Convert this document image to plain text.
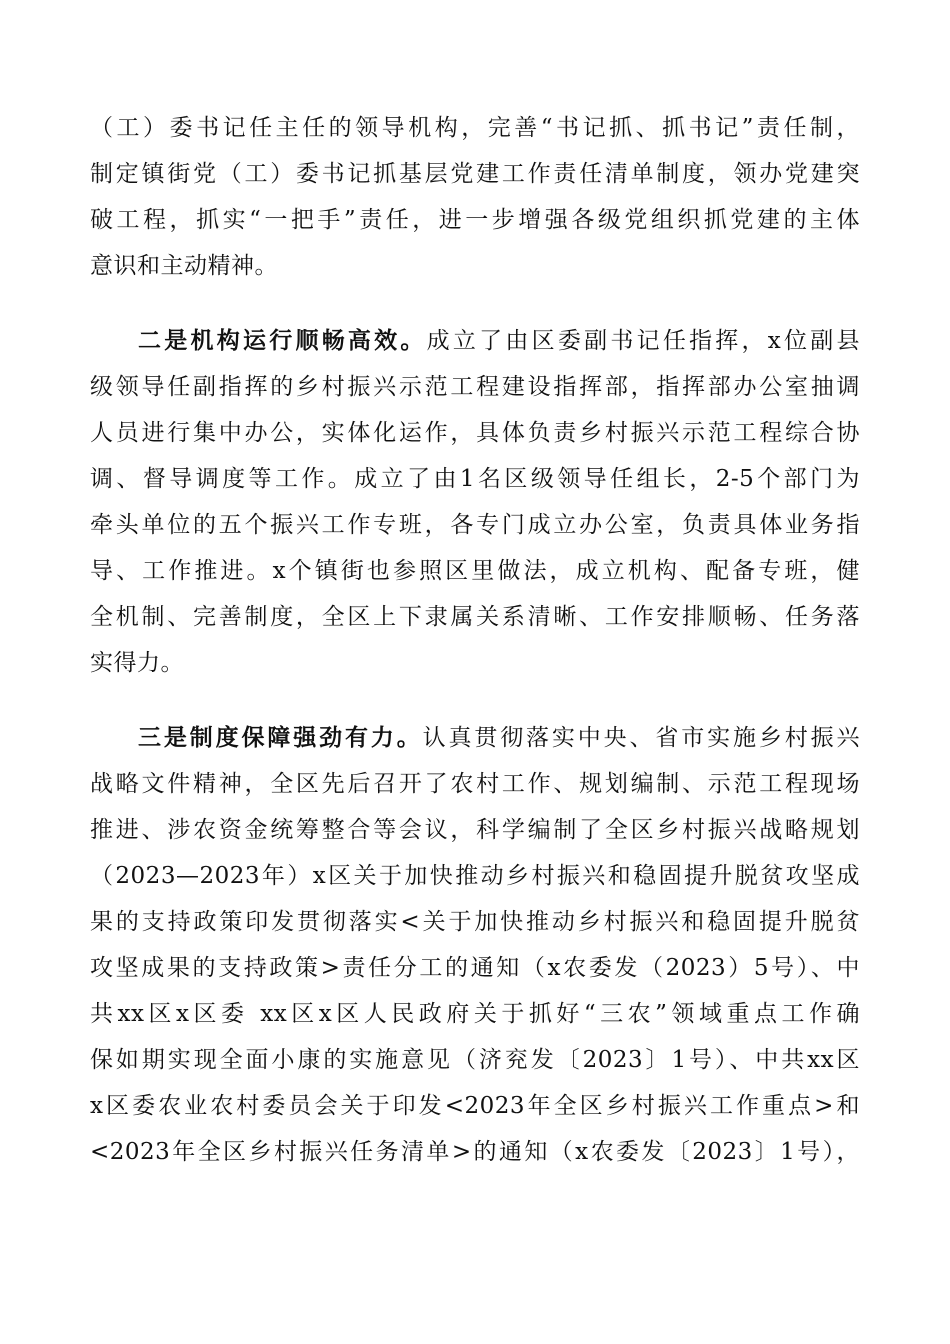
（工）委书记任主任的领导机构，完善“书记抓、抓书记”责任制，
制定镇街党（工）委书记抓基层党建工作责任清单制度，领办党建突
破工程，抓实“一把手”责任，进一步增强各级党组织抓党建的主体
意识和主动精神。
二是机构运行顺畅高效。成立了由区委副书记任指挥，x位副县
级领导任副指挥的乡村振兴示范工程建设指挥部，指挥部办公室抽调
人员进行集中办公，实体化运作，具体负责乡村振兴示范工程综合协
调、督导调度等工作。成立了由1名区级领导任组长，2-5个部门为
牵头单位的五个振兴工作专班，各专门成立办公室，负责具体业务指
导、工作推进。x个镇街也参照区里做法，成立机构、配备专班，健
全机制、完善制度，全区上下隶属关系清晰、工作安排顺畅、任务落
实得力。
三是制度保障强劲有力。认真贯彻落实中央、省市实施乡村振兴
战略文件精神，全区先后召开了农村工作、规划编制、示范工程现场
推进、涉农资金统筹整合等会议，科学编制了全区乡村振兴战略规划
（2023—2023年）x区关于加快推动乡村振兴和稳固提升脱贫攻坚成
果的支持政策印发贯彻落实<关于加快推动乡村振兴和稳固提升脱贫
攻坚成果的支持政策>责任分工的通知（x农委发（2023）5号）、中
共xx区x区委 xx区x区人民政府关于抓好“三农”领域重点工作确
保如期实现全面小康的实施意见（济兖发〔2023〕1号）、中共xx区
x区委农业农村委员会关于印发<2023年全区乡村振兴工作重点>和
<2023年全区乡村振兴任务清单>的通知（x农委发〔2023〕1号），
